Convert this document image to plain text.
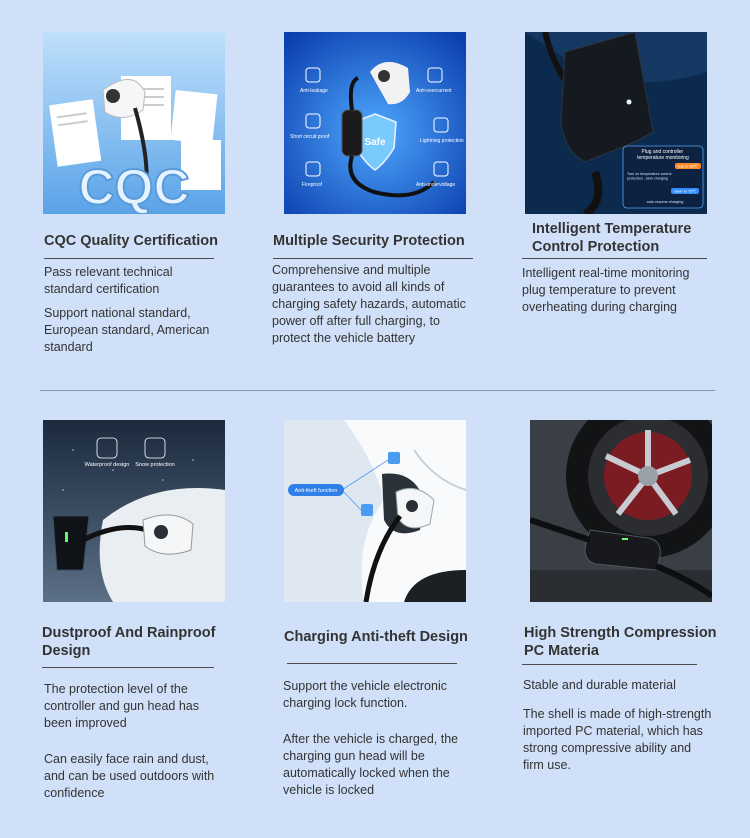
CQC
CQC Quality Certification
Pass relevant technical
standard certification
Support national standard,
European standard, American
standard
Safe
Anti-leakage	Anti-overcurrent
Short circuit proof
Lightning protection
Fireproof	Anti-undervoltage
Multiple Security Protection
Comprehensive and multiple
guarantees to avoid all kinds of
charging safety hazards, automatic
power off after full charging, to
protect the vehicle battery
Plug and controller temperature monitoring
rise to 85℃
Turn on temperature control protection , slow charging
down to 75℃
auto resume charging
Intelligent Temperature
Control Protection
Intelligent real-time monitoring
plug temperature to prevent
overheating during charging
Waterproof design Snow protection
Dustproof And Rainproof
Design
The protection level of the
controller and gun head has
been improved
Can easily face rain and dust,
and can be used outdoors with
confidence
Anti-theft function
Charging Anti-theft Design
Support the vehicle electronic
charging lock function.
After the vehicle is charged, the
charging gun head will be
automatically locked when the
vehicle is locked
High Strength Compression
PC Materia
Stable and durable material
The shell is made of high-strength
imported PC material, which has
strong compressive ability and
firm use.
